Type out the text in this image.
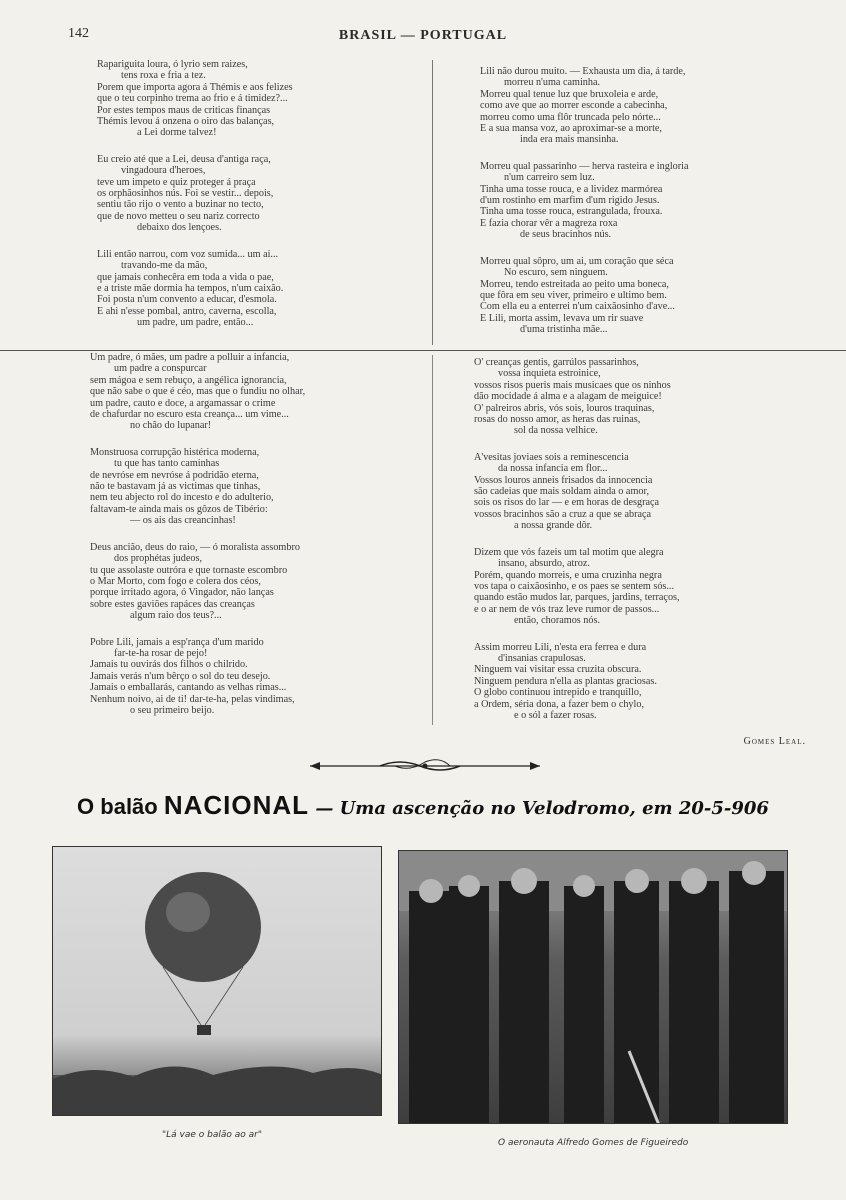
142	BRASIL — PORTUGAL
Rapariguita loura, ó lyrio sem raizes,
tens roxa e fria a tez.
Porem que importa agora á Thémis e aos felizes
que o teu corpinho trema ao frio e á timidez?...
Por estes tempos maus de criticas finanças
Thémis levou á onzena o oiro das balanças,
a Lei dorme talvez!
Eu creio até que a Lei, deusa d'antiga raça,
vingadoura d'heroes,
teve um impeto e quiz proteger á praça
os orphãosinhos nús. Foi se vestir... depois,
sentiu tão rijo o vento a buzinar no tecto,
que de novo metteu o seu nariz correcto
debaixo dos lençoes.
Lili então narrou, com voz sumida... um ai...
travando-me da mão,
que jamais conhecêra em toda a vida o pae,
e a triste mãe dormia ha tempos, n'um caixão.
Foi posta n'um convento a educar, d'esmola.
E ahi n'esse pombal, antro, caverna, escolla,
um padre, um padre, então...
Lili não durou muito. — Exhausta um dia, á tarde,
morreu n'uma caminha.
Morreu qual tenue luz que bruxoleia e arde,
como ave que ao morrer esconde a cabecinha,
morreu como uma flôr truncada pelo nórte...
E a sua mansa voz, ao aproximar-se a morte,
inda era mais mansinha.
Morreu qual passarinho — herva rasteira e ingloria
n'um carreiro sem luz.
Tinha uma tosse rouca, e a lividez marmórea
d'um rostinho em marfim d'um rigido Jesus.
Tinha uma tosse rouca, estrangulada, frouxa.
E fazia chorar vêr a magreza roxa
de seus bracinhos nús.
Morreu qual sôpro, um ai, um coração que séca
No escuro, sem ninguem.
Morreu, tendo estreitada ao peito uma boneca,
que fôra em seu viver, primeiro e ultimo bem.
Com ella eu a enterrei n'um caixãosinho d'ave...
E Lili, morta assim, levava um rir suave
d'uma tristinha mãe...
Um padre, ó mães, um padre a polluir a infancia,
um padre a conspurcar
sem mágoa e sem rebuço, a angélica ignorancia,
que não sabe o que é céo, mas que o fundiu no olhar,
um padre, cauto e doce, a argamassar o crime
de chafurdar no escuro esta creança... um vime...
no chão do lupanar!
Monstruosa corrupção histérica moderna,
tu que has tanto caminhas
de nevróse em nevróse á podridão eterna,
não te bastavam já as victimas que tinhas,
nem teu abjecto rol do incesto e do adulterio,
faltavam-te ainda mais os gôzos de Tibério:
— os ais das creancinhas!
Deus ancião, deus do raio, — ó moralista assombro
dos prophétas judeos,
tu que assolaste outróra e que tornaste escombro
o Mar Morto, com fogo e colera dos céos,
porque irritado agora, ó Vingador, não lanças
sobre estes gaviões rapáces das creanças
algum raio dos teus?...
Pobre Lili, jamais a esp'rança d'um marido
far-te-ha rosar de pejo!
Jamais tu ouvirás dos filhos o chilrido.
Jamais verás n'um bêrço o sol do teu desejo.
Jamais o emballarás, cantando as velhas rimas...
Nenhum noivo, ai de ti! dar-te-ha, pelas vindimas,
o seu primeiro beijo.
O' creanças gentis, garrúlos passarinhos,
vossa inquieta estroinice,
vossos risos pueris mais musicaes que os ninhos
dão mocidade á alma e a alagam de meiguice!
O' palreiros abris, vós sois, louros traquinas,
rosas do nosso amor, as heras das ruinas,
sol da nossa velhice.
A'vesitas joviaes sois a reminescencia
da nossa infancia em flor...
Vossos louros anneis frisados da innocencia
são cadeias que mais soldam ainda o amor,
sois os risos do lar — e em horas de desgraça
vossos bracinhos são a cruz a que se abraça
a nossa grande dôr.
Dizem que vós fazeis um tal motim que alegra
insano, absurdo, atroz.
Porém, quando morreis, e uma cruzinha negra
vos tapa o caixãosinho, e os paes se sentem sós...
quando estão mudos lar, parques, jardins, terraços,
e o ar nem de vós traz leve rumor de passos...
então, choramos nós.
Assim morreu Lili, n'esta era ferrea e dura
d'insanias crapulosas.
Ninguem vai visitar essa cruzita obscura.
Ninguem pendura n'ella as plantas graciosas.
O globo continuou intrepido e tranquillo,
a Ordem, séria dona, a fazer bem o chylo,
e o sól a fazer rosas.
Gomes Leal.
O balão NACIONAL — Uma ascenção no Velodromo, em 20-5-906
"Lá vae o balão ao ar"
O aeronauta Alfredo Gomes de Figueiredo
